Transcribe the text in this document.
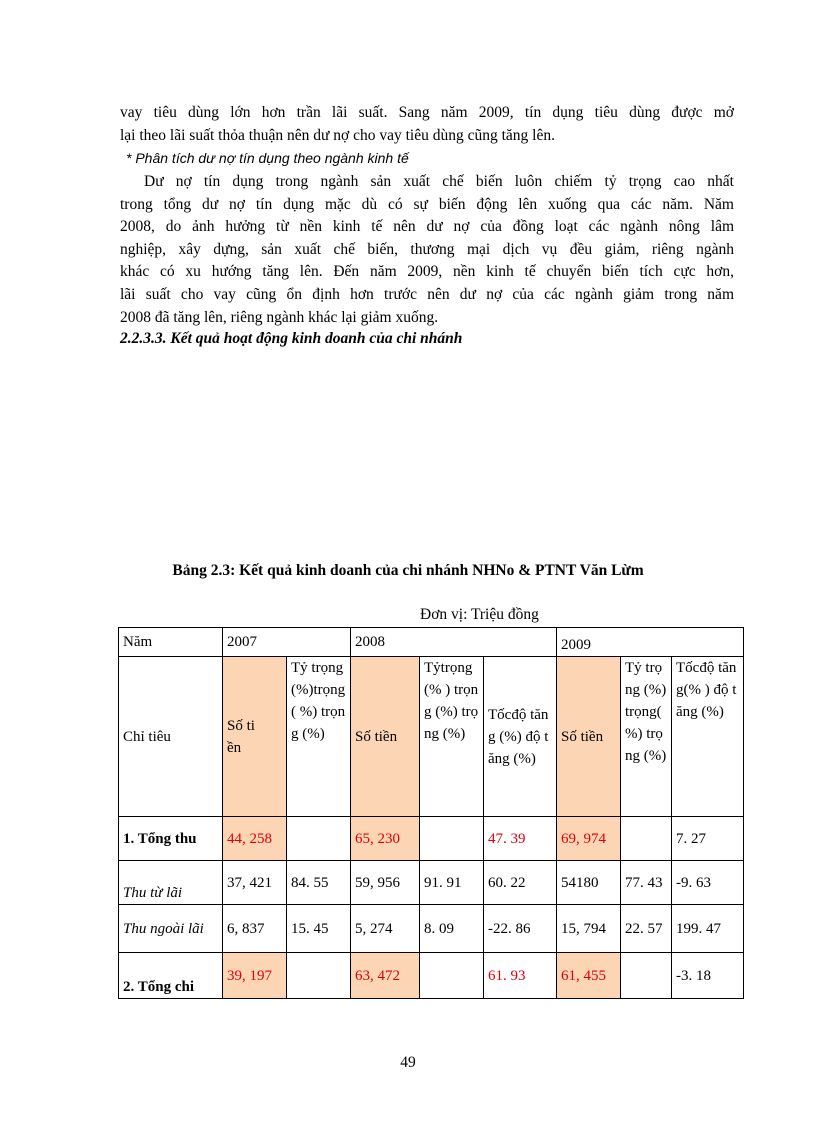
vay tiêu dùng lớn hơn trần lãi suất. Sang năm 2009, tín dụng tiêu dùng được mở
lại theo lãi suất thỏa thuận nên dư nợ cho vay tiêu dùng cũng tăng lên.
* Phân tích dư nợ tín dụng theo ngành kinh tế
Dư nợ tín dụng trong ngành sản xuất chế biến luôn chiếm tỷ trọng cao nhất
trong tổng dư nợ tín dụng mặc dù có sự biến động lên xuống qua các năm. Năm
2008, do ảnh hưởng từ nền kinh tế nên dư nợ của đồng loạt các ngành nông lâm
nghiệp, xây dựng, sản xuất chế biến, thương mại dịch vụ đều giảm, riêng ngành
khác có xu hướng tăng lên. Đến năm 2009, nền kinh tế chuyển biến tích cực hơn,
lãi suất cho vay cũng ổn định hơn trước nên dư nợ của các ngành giảm trong năm
2008 đã tăng lên, riêng ngành khác lại giảm xuống.
2.2.3.3. Kết quả hoạt động kinh doanh của chi nhánh
Bảng 2.3: Kết quả kinh doanh của chi nhánh NHNo & PTNT Văn Lừm
Đơn vị: Triệu đồng
Năm	2007		2008			2009		
Chỉ tiêu	Số tiền	Tỷ trọng (%)trọng( %) trọng (%)	Số tiền	Tỷtrọng(% ) trọng (%) trọng (%)	Tốcđộ tăng (%) độ tăng (%)	Số tiền	Tỷ trọng (%)trọng( %) trọng (%)	Tốcđộ tăng(% ) độ tăng (%)
1. Tổng thu	44, 258		65, 230		47. 39	69, 974		7. 27
Thu từ lãi	37, 421	84. 55	59, 956	91. 91	60. 22	54180	77. 43	-9. 63
Thu ngoài lãi	6, 837	15. 45	5, 274	8. 09	-22. 86	15, 794	22. 57	199. 47
2. Tổng chi	39, 197		63, 472		61. 93	61, 455		-3. 18
49
